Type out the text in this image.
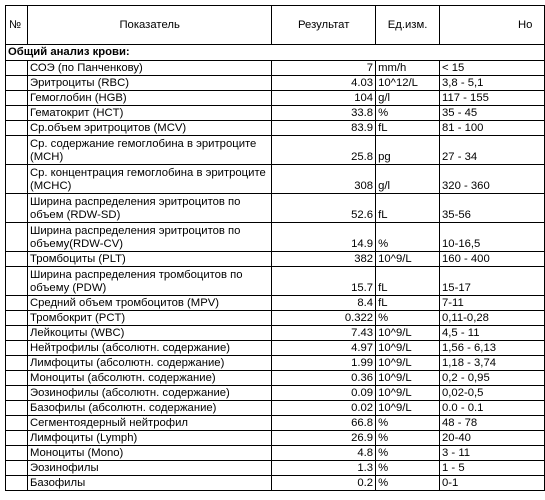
№	Показатель	Результат	Ед.изм.	Но
Общий анализ крови:				
	СОЭ (по Панченкову)	7	mm/h	< 15
	Эритроциты (RBC)	4.03	10^12/L	3,8 - 5,1
	Гемоглобин (HGB)	104	g/l	117 - 155
	Гематокрит (HCT)	33.8	%	35 - 45
	Ср.объем эритроцитов (MCV)	83.9	fL	81 - 100
	Ср. содержание гемоглобина в эритроците (MCH)	25.8	pg	27 - 34
	Ср. концентрация гемоглобина в эритроците (MCHC)	308	g/l	320 - 360
	Ширина распределения эритроцитов по объем (RDW-SD)	52.6	fL	35-56
	Ширина распределения эритроцитов по объему(RDW-CV)	14.9	%	10-16,5
	Тромбоциты (PLT)	382	10^9/L	160 - 400
	Ширина распределения тромбоцитов по объему (PDW)	15.7	fL	15-17
	Средний объем тромбоцитов (MPV)	8.4	fL	7-11
	Тромбокрит (PCT)	0.322	%	0,11-0,28
	Лейкоциты (WBC)	7.43	10^9/L	4,5 - 11
	Нейтрофилы (абсолютн. содержание)	4.97	10^9/L	1,56 - 6,13
	Лимфоциты (абсолютн. содержание)	1.99	10^9/L	1,18 - 3,74
	Моноциты (абсолютн. содержание)	0.36	10^9/L	0,2 - 0,95
	Эозинофилы (абсолютн. содержание)	0.09	10^9/L	0,02-0,5
	Базофилы (абсолютн. содержание)	0.02	10^9/L	0.0 - 0.1
	Сегментоядерный нейтрофил	66.8	%	48 - 78
	Лимфоциты (Lymph)	26.9	%	20-40
	Моноциты (Mono)	4.8	%	3 - 11
	Эозинофилы	1.3	%	1 - 5
	Базофилы	0.2	%	0-1
